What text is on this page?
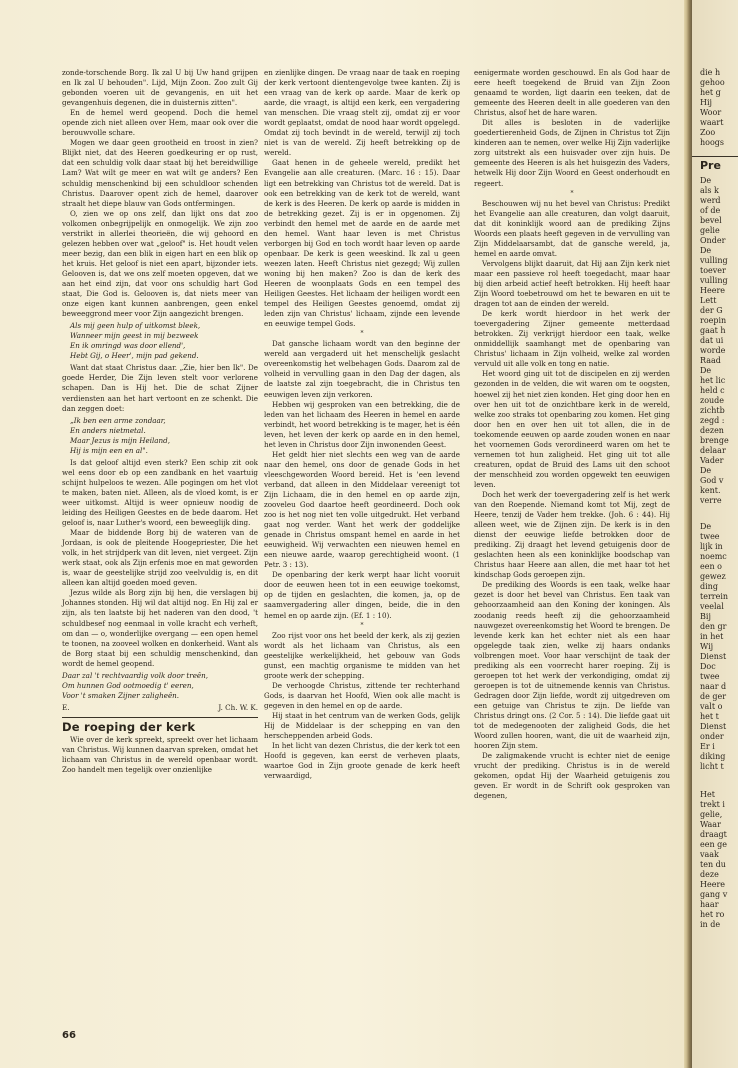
zonde-torschende Borg. Ik zal U bij Uw hand grijpen en Ik zal U behouden". Lijd, Mijn Zoon. Zoo zult Gij gebonden voeren uit de gevangenis, en uit het gevangenhuis degenen, die in duisternis zitten".

En de hemel werd geopend. Doch die hemel opende zich niet alleen over Hem, maar ook over die berouwvolle schare.

Mogen we daar geen grootheid en troost in zien? Blijkt niet, dat des Heeren goedkeuring er op rust, dat een schuldig volk daar staat bij het bereidwillige Lam? Wat wilt ge meer en wat wilt ge anders? Een schuldig menschenkind bij een schuldloor schenden Christus. Daarover opent zich de hemel, daarover straalt het diepe blauw van Gods ontfermingen.

O, zien we op ons zelf, dan lijkt ons dat zoo volkomen onbegrijpelijk en onmogelijk. We zijn zoo verstrikt in allerlei theorieën, die wij gehoord en gelezen hebben over wat „geloof" is. Het houdt velen meer bezig, dan een blik in eigen hart en een blik op het kruis. Het geloof is niet een apart, bijzonder iets. Gelooven is, dat we ons zelf moeten opgeven, dat we aan het eind zijn, dat voor ons schuldig hart God staat, Die God is. Gelooven is, dat niets meer van onze eigen kant kunnen aanbrengen, geen enkel beweeggrond meer voor Zijn aangezicht brengen.

Als mij geen hulp of uitkomst bleek,
Wanneer mijn geest in mij bezweek
En ik omringd was door ellend',
Hebt Gij, o Heer', mijn pad gekend.

Want dat staat Christus daar. „Zie, hier ben Ik". De goede Herder, Die Zijn leven stelt voor verlorene schapen. Dan is Hij het. Die de schat Zijner verdiensten aan het hart vertoont en ze schenkt. Die dan zeggen doet:

„Ik ben een arme zondaar,
En anders nietmetal.
Maar Jezus is mijn Heiland,
Hij is mijn een en al".

Is dat geloof altijd even sterk? Een schip zit ook wel eens door eb op een zandbank en het vaartuig schijnt hulpeloos te wezen. Alle pogingen om het vlot te maken, baten niet. Alleen, als de vloed komt, is er weer uitkomst. Altijd is weer opnieuw noodig de leiding des Heiligen Geestes en de bede daarom. Het geloof is, naar Luther's woord, een beweeglijk ding.

Maar de biddende Borg bij de wateren van de Jordaan, is ook de pleitende Hoogepriester, Die het volk, in het strijdperk van dit leven, niet vergeet. Zijn werk staat, ook als Zijn erfenis moe en mat geworden is, waar de geestelijke strijd zoo veelvuldig is, en dit alleen kan altijd goeden moed geven.

Jezus wilde als Borg zijn bij hen, die verslagen bij Johannes stonden. Hij wil dat altijd nog. En Hij zal er zijn, als ten laatste bij het naderen van den dood, 't schuldbesef nog eenmaal in volle kracht ech verheft, om dan — o, wonderlijke overgang — een open hemel te toonen, na zooveel wolken en donkerheid. Want als de Borg staat bij een schuldig menschenkind, dan wordt de hemel geopend.

Daar zal 't rechtvaardig volk door treên,
Om hunnen God ootmoedig t' eeren,
Voor 't smaken Zijner zaligheên.

E.	J. Ch. W. K.
De roeping der kerk

Wie over de kerk spreekt, spreekt over het lichaam van Christus. Wij kunnen daarvan spreken, omdat het lichaam van Christus in de wereld openbaar wordt. Zoo handelt men tegelijk over onzienlijke

en zienlijke dingen. De vraag naar de taak en roeping der kerk vertoont dientengevolge twee kanten. Zij is een vraag van de kerk op aarde. Maar de kerk op aarde, die vraagt, is altijd een kerk, een vergadering van menschen. Die vraag stelt zij, omdat zij er voor wordt geplaatst, omdat de nood haar wordt opgelegd. Omdat zij toch bevindt in de wereld, terwijl zij toch niet is van de wereld. Zij heeft betrekking op de wereld.

Gaat henen in de geheele wereld, predikt het Evangelie aan alle creaturen. (Marc. 16 : 15). Daar ligt een betrekking van Christus tot de wereld. Dat is ook een betrekking van de kerk tot de wereld, want de kerk is des Heeren. De kerk op aarde is midden in de betrekking gezet. Zij is er in opgenomen. Zij verbindt den hemel met de aarde en de aarde met den hemel. Want haar leven is met Christus verborgen bij God en toch wordt haar leven op aarde openbaar. De kerk is geen weeskind. Ik zal u geen weezen laten. Heeft Christus niet gezegd; Wij zullen woning bij hen maken? Zoo is dan de kerk des Heeren de woonplaats Gods en een tempel des Heiligen Geestes. Het lichaam der heiligen wordt een tempel des Heiligen Geestes genoemd, omdat zij leden zijn van Christus' lichaam, zijnde een levende en eeuwige tempel Gods.

*

Dat gansche lichaam wordt van den beginne der wereld aan vergaderd uit het menschelijk geslacht overeenkomstig het welbehagen Gods. Daarom zal de volheid in vervulling gaan in den Dag der dagen, als de laatste zal zijn toegebracht, die in Christus ten eeuwigen leven zijn verkoren.

Hebben wij gesproken van een betrekking, die de leden van het lichaam des Heeren in hemel en aarde verbindt, het woord betrekking is te mager, het is één leven, het leven der kerk op aarde en in den hemel, het leven in Christus door Zijn inwonenden Geest.

Het geldt hier niet slechts een weg van de aarde naar den hemel, ons door de genade Gods in het vleeschgeworden Woord bereid. Het is 'een levend verband, dat alleen in den Middelaar vereenigt tot Zijn Lichaam, die in den hemel en op aarde zijn, zooveleu God daartoe heeft geordineerd. Doch ook zoo is het nog niet ten volle uitgedrukt. Het verband gaat nog verder. Want het werk der goddelijke genade in Christus omspant hemel en aarde in het eeuwigheid. Wij verwachten een nieuwen hemel en een nieuwe aarde, waarop gerechtigheid woont. (1 Petr. 3 : 13).

De openbaring der kerk werpt haar licht vooruit door de eeuwen heen tot in een eeuwige toekomst, op de tijden en geslachten, die komen, ja, op de saamvergadering aller dingen, beide, die in den hemel en op aarde zijn. (Ef. 1 : 10).

*

Zoo rijst voor ons het beeld der kerk, als zij gezien wordt als het lichaam van Christus, als een geestelijke werkelijkheid, het gebouw van Gods gunst, een machtig organisme te midden van het groote werk der schepping.

De verhoogde Christus, zittende ter rechterhand Gods, is daarvan het Hoofd, Wien ook alle macht is gegeven in den hemel en op de aarde.

Hij staat in het centrum van de werken Gods, gelijk Hij de Middelaar is der schepping en van den herscheppenden arbeid Gods.

In het licht van dezen Christus, die der kerk tot een Hoofd is gegeven, kan eerst de verheven plaats, waartoe God in Zijn groote genade de kerk heeft verwaardigd,

eenigermate worden geschouwd. En als God haar de eere heeft toegekend de Bruid van Zijn Zoon genaamd te worden, ligt daarin een teeken, dat de gemeente des Heeren deelt in alle goederen van den Christus, alsof het de hare waren.

Dit alles is besloten in de vaderlijke goedertierenheid Gods, de Zijnen in Christus tot Zijn kinderen aan te nemen, over welke Hij Zijn vaderlijke zorg uitstrekt als een huisvader over zijn huis. De gemeente des Heeren is als het huisgezin des Vaders, hetwelk Hij door Zijn Woord en Geest onderhoudt en regeert.

*

Beschouwen wij nu het bevel van Christus: Predikt het Evangelie aan alle creaturen, dan volgt daaruit, dat dit koninklijk woord aan de prediking Zijns Woords een plaats heeft gegeven in de vervulling van Zijn Middelaarsambt, dat de gansche wereld, ja, hemel en aarde omvat.

Vervolgens blijkt daaruit, dat Hij aan Zijn kerk niet maar een passieve rol heeft toegedacht, maar haar bij dien arbeid actief heeft betrokken. Hij heeft haar Zijn Woord toebetrouwd om het te bewaren en uit te dragen tot aan de einden der wereld.

De kerk wordt hierdoor in het werk der toevergadering Zijner gemeente metterdaad betrokken. Zij verkrijgt hierdoor een taak, welke onmiddellijk saamhangt met de openbaring van Christus' lichaam in Zijn volheid, welke zal worden vervuld uit alle volk en tong en natie.

Het woord ging uit tot de discipelen en zij werden gezonden in de velden, die wit waren om te oogsten, hoewel zij het niet zien konden. Het ging door hen en over hen uit tot de onzichtbare kerk in de wereld, welke zoo straks tot openbaring zou komen. Het ging door hen en over hen uit tot allen, die in de toekomende eeuwen op aarde zouden wonen en naar het voornemen Gods verordineerd waren om het te vernemen tot hun zaligheid. Het ging uit tot alle creaturen, opdat de Bruid des Lams uit den schoot der menschheid zou worden opgewekt ten eeuwigen leven.

Doch het werk der toevergadering zelf is het werk van den Roepende. Niemand komt tot Mij, zegt de Heere, tenzij de Vader hem trekke. (Joh. 6 : 44). Hij alleen weet, wie de Zijnen zijn. De kerk is in den dienst der eeuwige liefde betrokken door de prediking. Zij draagt het levend getuigenis door de geslachten heen als een koninklijke boodschap van Christus haar Heere aan allen, die met haar tot het kindschap Gods geroepen zijn.

De prediking des Woords is een taak, welke haar gezet is door het bevel van Christus. Een taak van gehoorzaamheid aan den Koning der koningen. Als zoodanig reeds heeft zij die gehoorzaamheid nauwgezet overeenkomstig het Woord te brengen. De levende kerk kan het echter niet als een haar opgelegde taak zien, welke zij haars ondanks volbrengen moet. Voor haar verschijnt de taak der prediking als een voorrecht harer roeping. Zij is geroepen tot het werk der verkondiging, omdat zij geroepen is tot de uitnemende kennis van Christus. Gedragen door Zijn liefde, wordt zij uitgedreven om een getuige van Christus te zijn. De liefde van Christus dringt ons. (2 Cor. 5 : 14). Die liefde gaat uit tot de medegenooten der zaligheid Gods, die het Woord zullen hooren, want, die uit de waarheid zijn, hooren Zijn stem.

De zaligmakende vrucht is echter niet de eenige vrucht der prediking. Christus is in de wereld gekomen, opdat Hij der Waarheid getuigenis zou geven. Er wordt in de Schrift ook gesproken van degenen,

66
die h
gehoo
het g
Hij
Woor
waart
Zoo
hoogs
Pre
De
als k
werd
of de
bevel
gelie
Onder
De
vulling
toever
vulling
Heere
Lett
der G
roepin
gaat h
dat ui
worde
Raad
De
het lic
held c
zoude
zichtb
zegd :
dezen
brenge
delaar
Vader
De
God v
kent.
verre
De
twee
lijk in
noemc
een o
gewez
ding
terrein
veelal
Bij
den gr
in het
Wij
Dienst
Doc
twee
naar d
de ger
valt o
het t
Dienst
onder
Er i
diking
licht t
Het
trekt i
gelie,
Waar
draagt
een ge
vaak
ten du
deze
Heere
gang v
haar
het ro
in de
